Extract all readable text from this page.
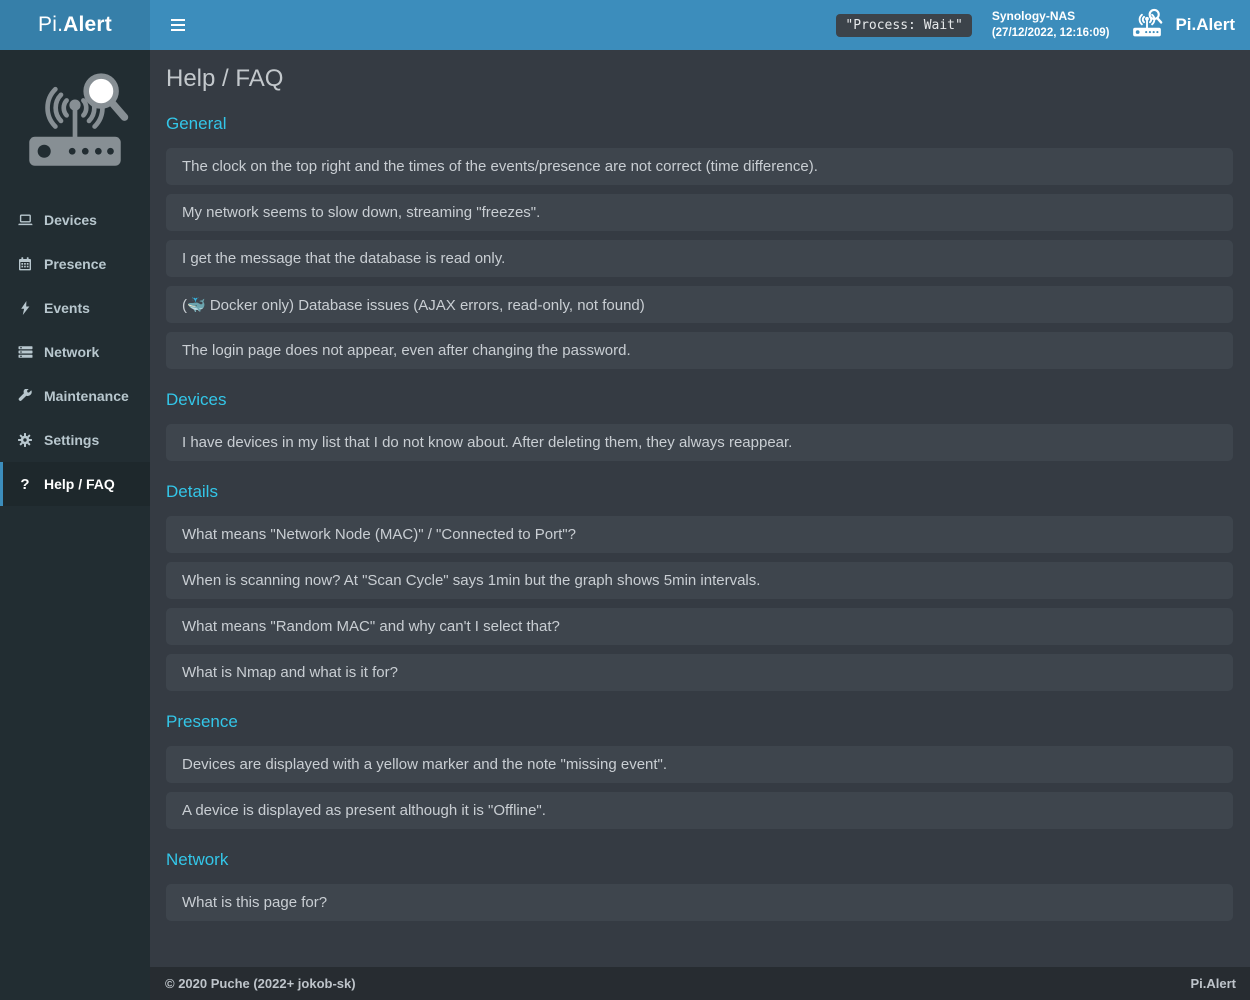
Pi. Alert	"Process: Wait"
Synology-NAS
(27/12/2022, 12:16:09)	Pi.Alert
Devices
Presence
Events
Network
Maintenance
Settings
? Help / FAQ
Help / FAQ
General
The clock on the top right and the times of the events/presence are not correct (time difference).
My network seems to slow down, streaming "freezes".
I get the message that the database is read only.
(🐳 Docker only) Database issues (AJAX errors, read-only, not found)
The login page does not appear, even after changing the password.
Devices
I have devices in my list that I do not know about. After deleting them, they always reappear.
Details
What means "Network Node (MAC)" / "Connected to Port"?
When is scanning now? At "Scan Cycle" says 1min but the graph shows 5min intervals.
What means "Random MAC" and why can't I select that?
What is Nmap and what is it for?
Presence
Devices are displayed with a yellow marker and the note "missing event".
A device is displayed as present although it is "Offline".
Network
What is this page for?
© 2020 Puche (2022+ jokob-sk)	Pi.Alert
